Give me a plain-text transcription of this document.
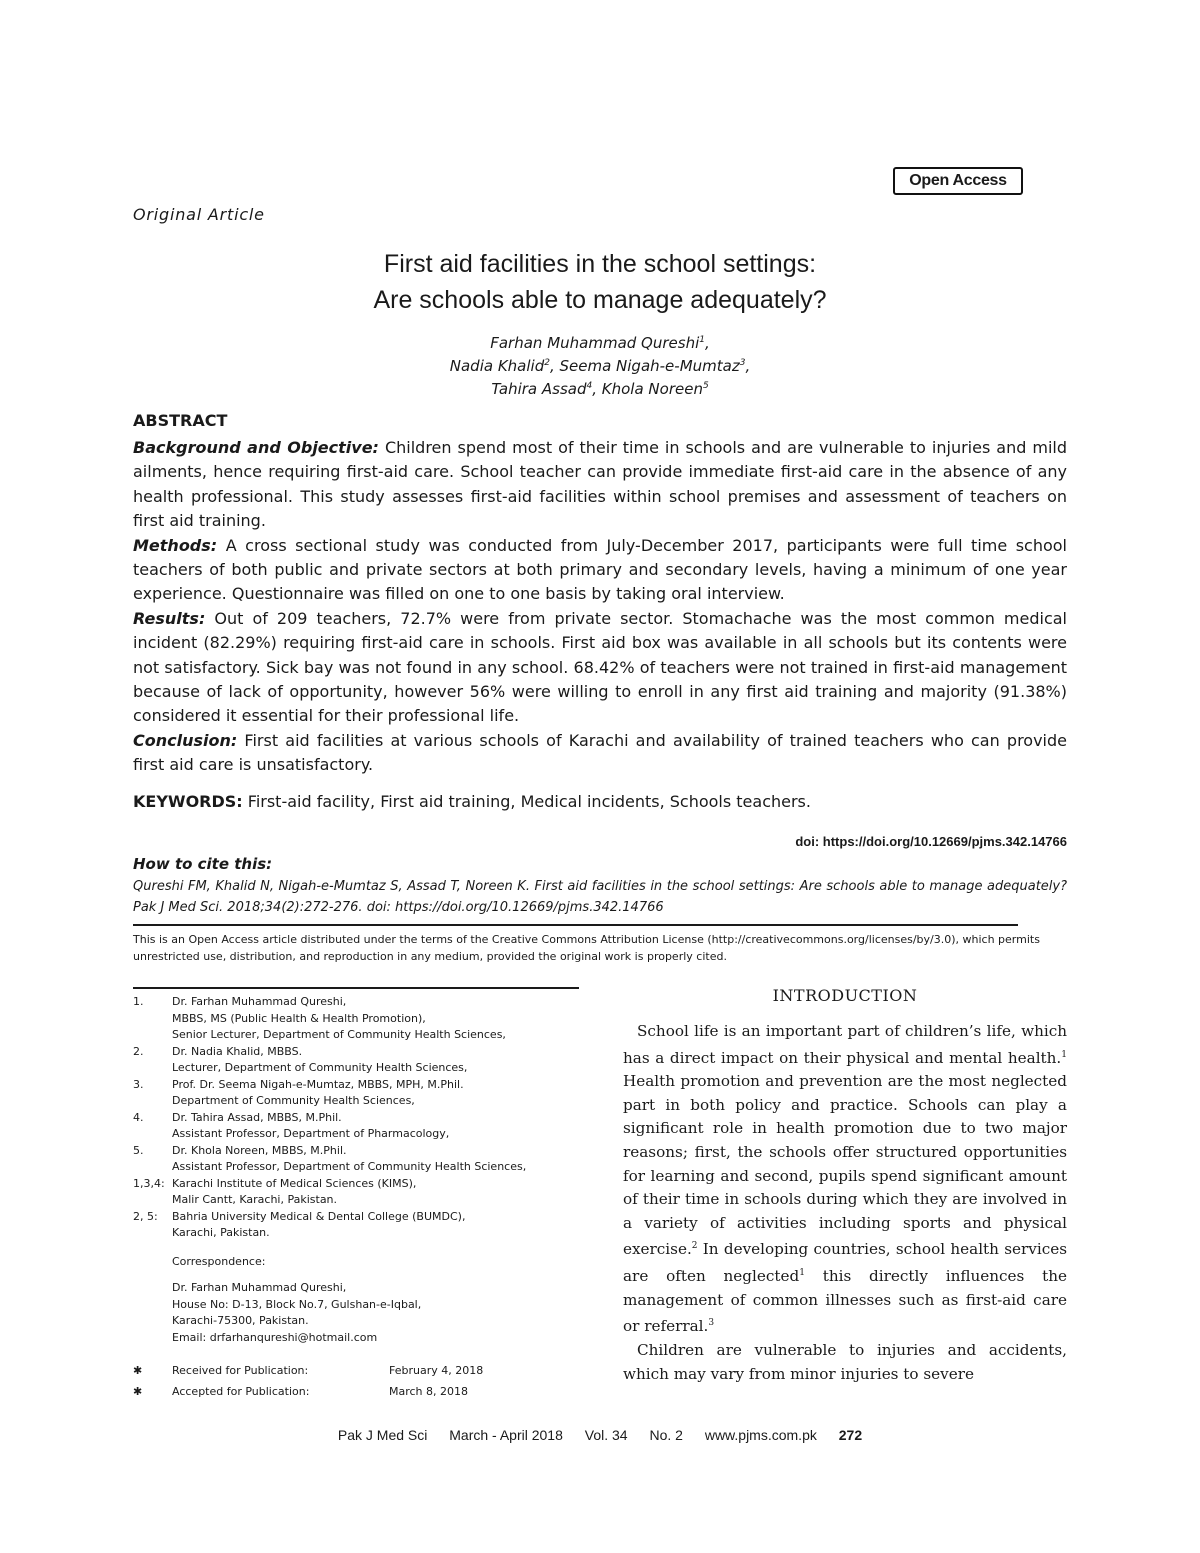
Open Access
Original Article
First aid facilities in the school settings:
Are schools able to manage adequately?
Farhan Muhammad Qureshi$^1$,
Nadia Khalid$^2$, Seema Nigah-e-Mumtaz$^3$,
Tahira Assad$^4$, Khola Noreen$^5$
ABSTRACT

Background and Objective: Children spend most of their time in schools and are vulnerable to injuries and mild ailments, hence requiring first-aid care. School teacher can provide immediate first-aid care in the absence of any health professional. This study assesses first-aid facilities within school premises and assessment of teachers on first aid training.

Methods: A cross sectional study was conducted from July-December 2017, participants were full time school teachers of both public and private sectors at both primary and secondary levels, having a minimum of one year experience. Questionnaire was filled on one to one basis by taking oral interview.

Results: Out of 209 teachers, 72.7% were from private sector. Stomachache was the most common medical incident (82.29%) requiring first-aid care in schools. First aid box was available in all schools but its contents were not satisfactory. Sick bay was not found in any school. 68.42% of teachers were not trained in first-aid management because of lack of opportunity, however 56% were willing to enroll in any first aid training and majority (91.38%) considered it essential for their professional life.

Conclusion: First aid facilities at various schools of Karachi and availability of trained teachers who can provide first aid care is unsatisfactory.

KEYWORDS: First-aid facility, First aid training, Medical incidents, Schools teachers.
doi: https://doi.org/10.12669/pjms.342.14766
How to cite this:
Qureshi FM, Khalid N, Nigah-e-Mumtaz S, Assad T, Noreen K. First aid facilities in the school settings: Are schools able to manage adequately? Pak J Med Sci. 2018;34(2):272-276. doi: https://doi.org/10.12669/pjms.342.14766
This is an Open Access article distributed under the terms of the Creative Commons Attribution License (http://creativecommons.org/licenses/by/3.0), which permits unrestricted use, distribution, and reproduction in any medium, provided the original work is properly cited.
1.	Dr. Farhan Muhammad Qureshi,
MBBS, MS (Public Health & Health Promotion),
Senior Lecturer, Department of Community Health Sciences,
2.	Dr. Nadia Khalid, MBBS.
Lecturer, Department of Community Health Sciences,
3.	Prof. Dr. Seema Nigah-e-Mumtaz, MBBS, MPH, M.Phil.
Department of Community Health Sciences,
4.	Dr. Tahira Assad, MBBS, M.Phil.
Assistant Professor, Department of Pharmacology,
5.	Dr. Khola Noreen, MBBS, M.Phil.
Assistant Professor, Department of Community Health Sciences,
1,3,4: Karachi Institute of Medical Sciences (KIMS),
Malir Cantt, Karachi, Pakistan.
2, 5:	Bahria University Medical & Dental College (BUMDC),
Karachi, Pakistan.
Correspondence:
Dr. Farhan Muhammad Qureshi,
House No: D-13, Block No.7, Gulshan-e-Iqbal,
Karachi-75300, Pakistan.
Email: drfarhanqureshi@hotmail.com
✱	Received for Publication:	February 4, 2018
✱	Accepted for Publication:	March 8, 2018
INTRODUCTION

School life is an important part of children’s life, which has a direct impact on their physical and mental health.$^1$ Health promotion and prevention are the most neglected part in both policy and practice. Schools can play a significant role in health promotion due to two major reasons; first, the schools offer structured opportunities for learning and second, pupils spend significant amount of their time in schools during which they are involved in a variety of activities including sports and physical exercise.$^2$ In developing countries, school health services are often neglected$^1$ this directly influences the management of common illnesses such as first-aid care or referral.$^3$

Children are vulnerable to injuries and accidents, which may vary from minor injuries to severe

Pak J Med Sci March - April 2018 Vol. 34 No. 2 www.pjms.com.pk 272
